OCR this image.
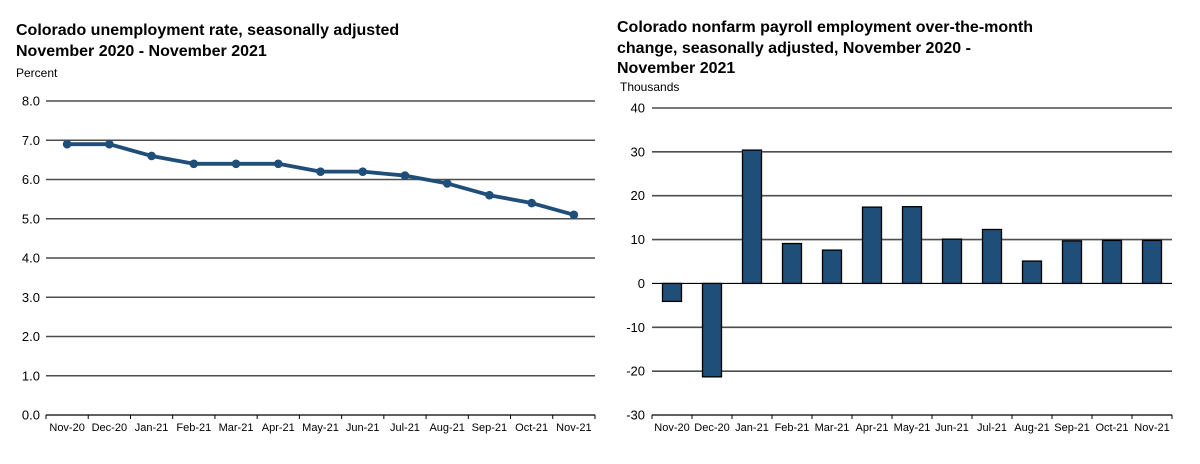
Colorado unemployment rate, seasonally adjusted
November 2020 - November 2021
Percent
Colorado nonfarm payroll employment over-the-month
change, seasonally adjusted, November 2020 -
November 2021
Thousands
8.0
7.0
6.0
5.0
4.0
3.0
2.0
1.0
0.0
Nov-20 Dec-20 Jan-21 Feb-21 Mar-21 Apr-21 May-21 Jun-21 Jul-21 Aug-21 Sep-21 Oct-21 Nov-21
40
30
20
10
0
-10
-20
-30
Nov-20 Dec-20 Jan-21 Feb-21 Mar-21 Apr-21 May-21 Jun-21 Jul-21 Aug-21 Sep-21 Oct-21 Nov-21
